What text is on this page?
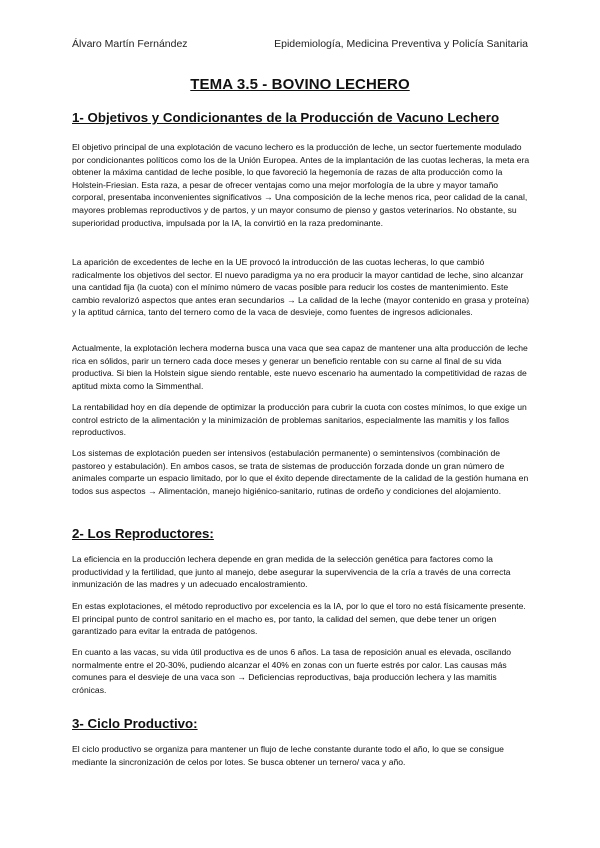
Álvaro Martín Fernández	Epidemiología, Medicina Preventiva y Policía Sanitaria
TEMA 3.5 - BOVINO LECHERO
1- Objetivos y Condicionantes de la Producción de Vacuno Lechero
El objetivo principal de una explotación de vacuno lechero es la producción de leche, un sector fuertemente modulado por condicionantes políticos como los de la Unión Europea. Antes de la implantación de las cuotas lecheras, la meta era obtener la máxima cantidad de leche posible, lo que favoreció la hegemonía de razas de alta producción como la Holstein-Friesian. Esta raza, a pesar de ofrecer ventajas como una mejor morfología de la ubre y mayor tamaño corporal, presentaba inconvenientes significativos → Una composición de la leche menos rica, peor calidad de la canal, mayores problemas reproductivos y de partos, y un mayor consumo de pienso y gastos veterinarios. No obstante, su superioridad productiva, impulsada por la IA, la convirtió en la raza predominante.
La aparición de excedentes de leche en la UE provocó la introducción de las cuotas lecheras, lo que cambió radicalmente los objetivos del sector. El nuevo paradigma ya no era producir la mayor cantidad de leche, sino alcanzar una cantidad fija (la cuota) con el mínimo número de vacas posible para reducir los costes de mantenimiento. Este cambio revalorizó aspectos que antes eran secundarios → La calidad de la leche (mayor contenido en grasa y proteína) y la aptitud cárnica, tanto del ternero como de la vaca de desvieje, como fuentes de ingresos adicionales.
Actualmente, la explotación lechera moderna busca una vaca que sea capaz de mantener una alta producción de leche rica en sólidos, parir un ternero cada doce meses y generar un beneficio rentable con su carne al final de su vida productiva. Si bien la Holstein sigue siendo rentable, este nuevo escenario ha aumentado la competitividad de razas de aptitud mixta como la Simmenthal.
La rentabilidad hoy en día depende de optimizar la producción para cubrir la cuota con costes mínimos, lo que exige un control estricto de la alimentación y la minimización de problemas sanitarios, especialmente las mamitis y los fallos reproductivos.
Los sistemas de explotación pueden ser intensivos (estabulación permanente) o semintensivos (combinación de pastoreo y estabulación). En ambos casos, se trata de sistemas de producción forzada donde un gran número de animales comparte un espacio limitado, por lo que el éxito depende directamente de la calidad de la gestión humana en todos sus aspectos → Alimentación, manejo higiénico-sanitario, rutinas de ordeño y condiciones del alojamiento.
2- Los Reproductores:
La eficiencia en la producción lechera depende en gran medida de la selección genética para factores como la productividad y la fertilidad, que junto al manejo, debe asegurar la supervivencia de la cría a través de una correcta inmunización de las madres y un adecuado encalostramiento.
En estas explotaciones, el método reproductivo por excelencia es la IA, por lo que el toro no está físicamente presente. El principal punto de control sanitario en el macho es, por tanto, la calidad del semen, que debe tener un origen garantizado para evitar la entrada de patógenos.
En cuanto a las vacas, su vida útil productiva es de unos 6 años. La tasa de reposición anual es elevada, oscilando normalmente entre el 20-30%, pudiendo alcanzar el 40% en zonas con un fuerte estrés por calor. Las causas más comunes para el desvieje de una vaca son → Deficiencias reproductivas, baja producción lechera y las mamitis crónicas.
3- Ciclo Productivo:
El ciclo productivo se organiza para mantener un flujo de leche constante durante todo el año, lo que se consigue mediante la sincronización de celos por lotes. Se busca obtener un ternero/ vaca y año.
